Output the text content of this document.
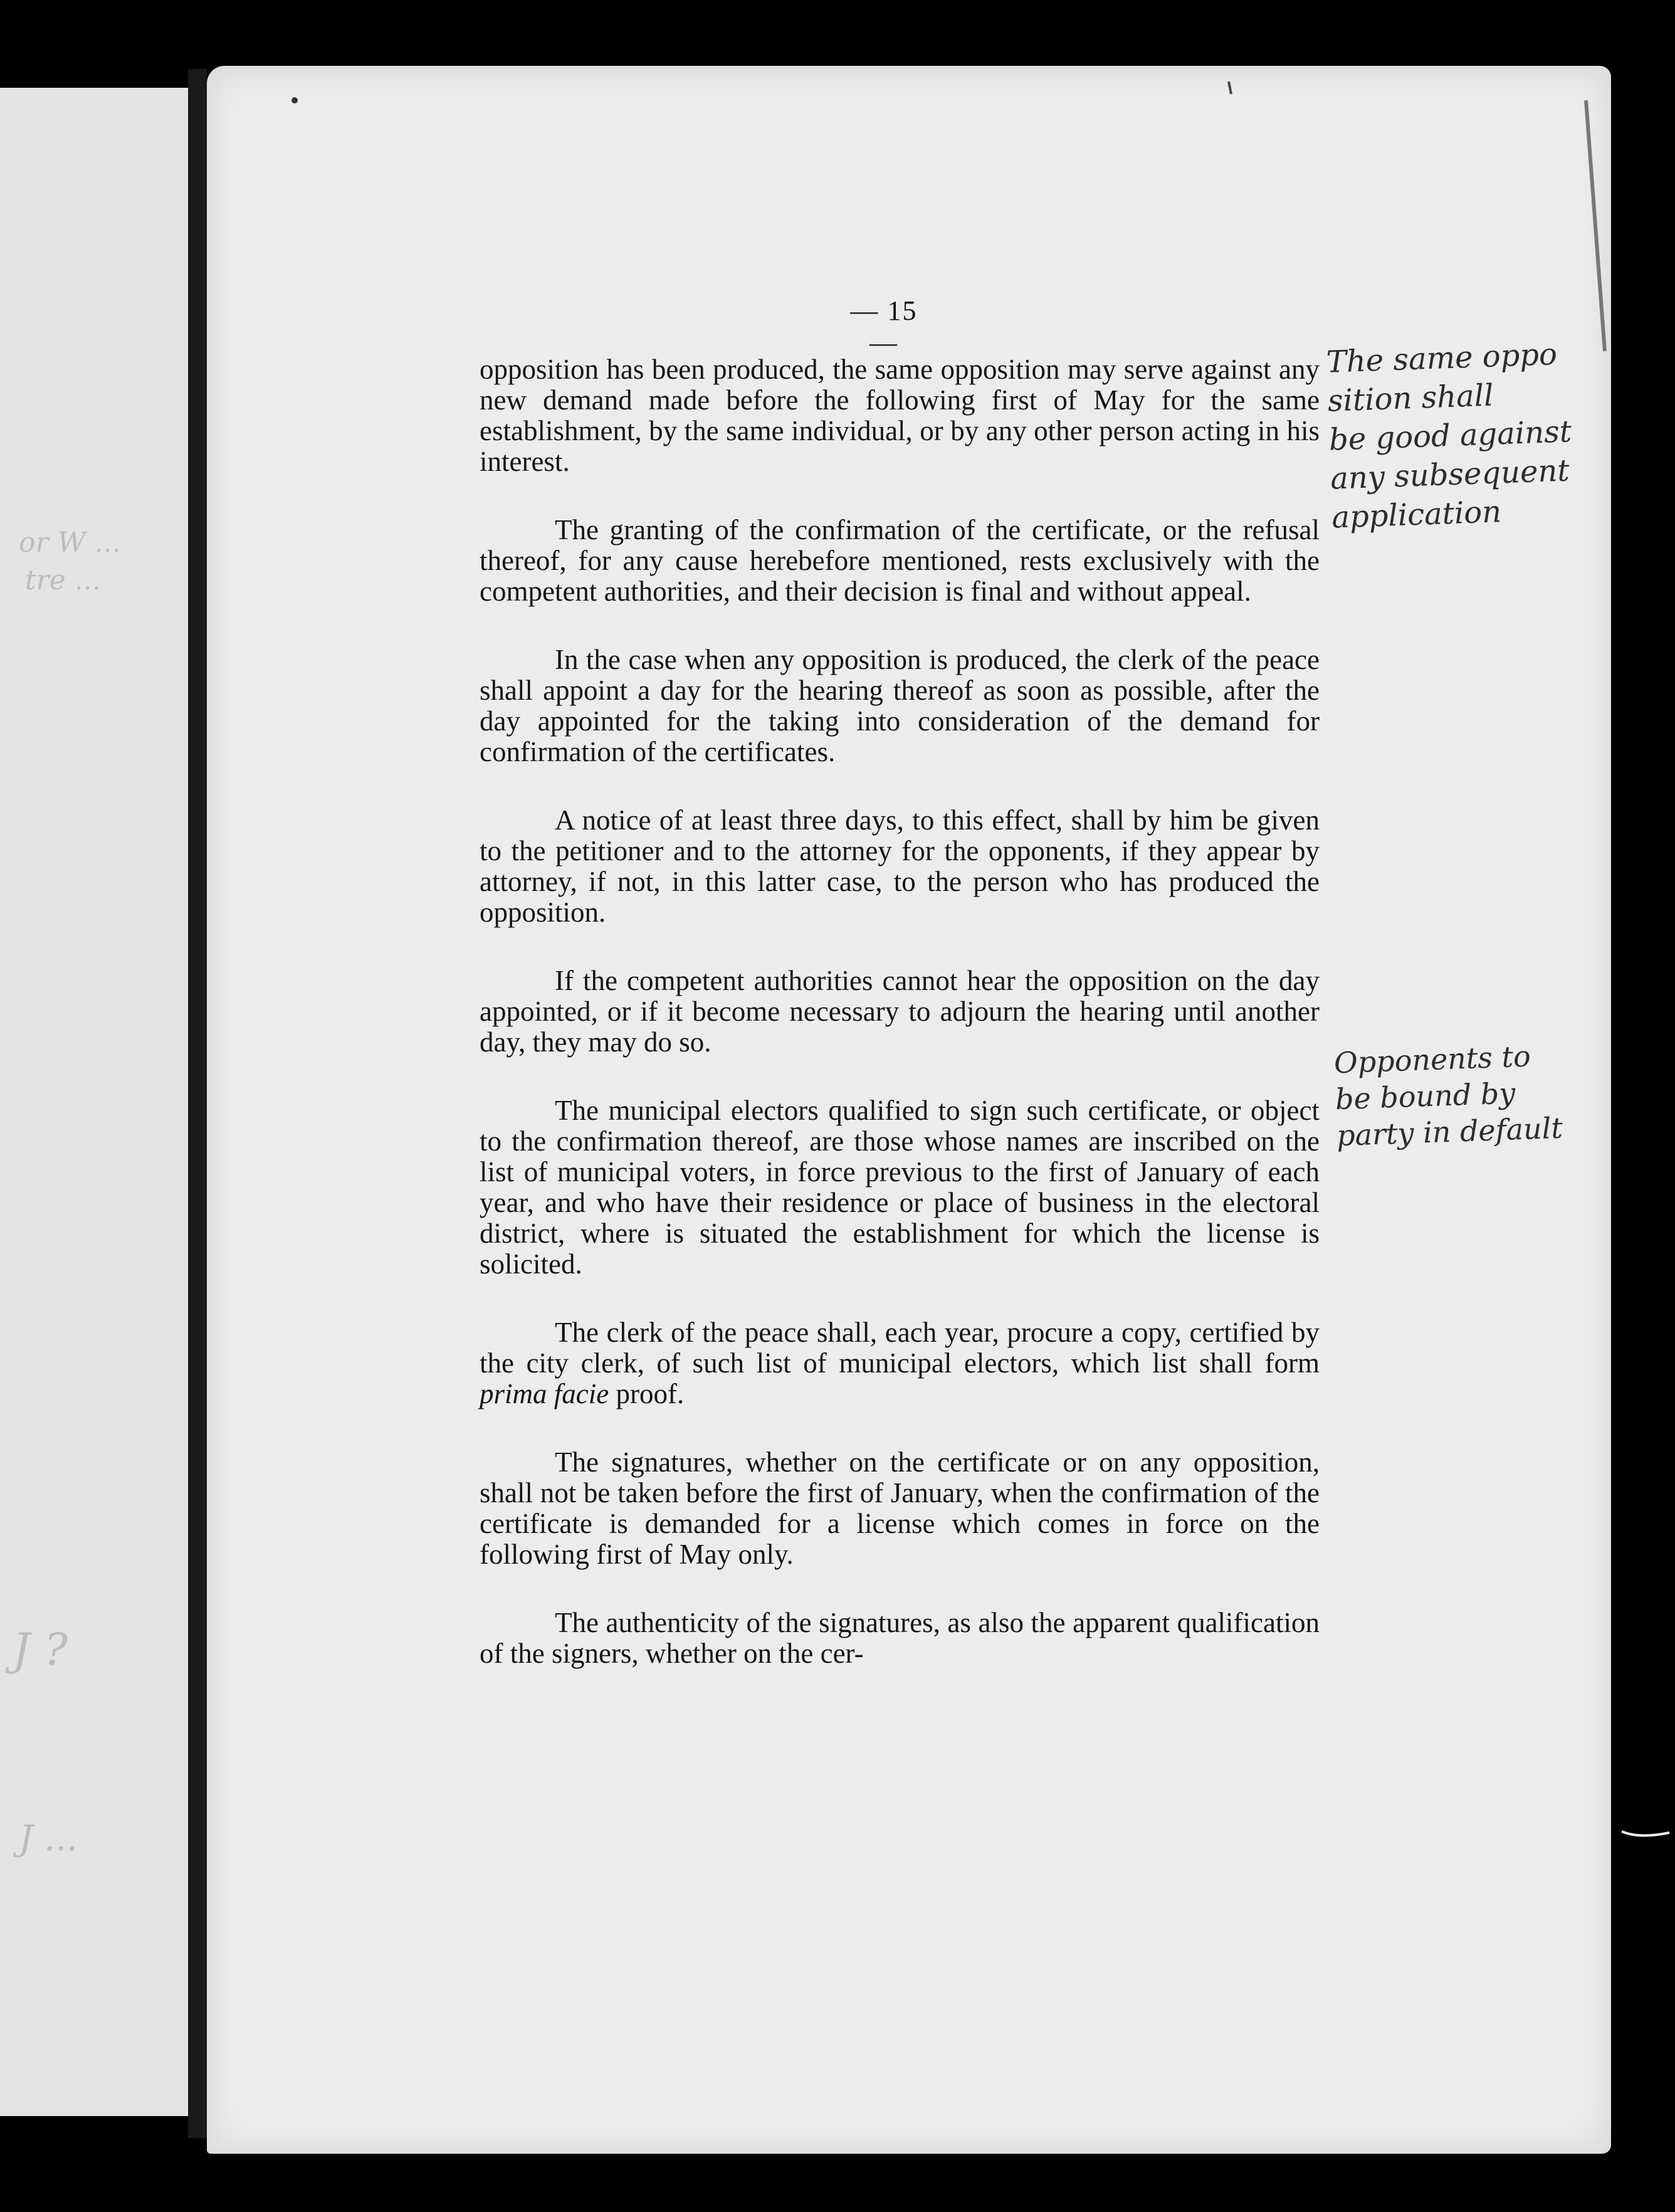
or W ...
tre ...
J ?
J ...
— 15 —

opposition has been produced, the same opposition may serve against any new demand made before the following first of May for the same establishment, by the same individual, or by any other person acting in his interest.

The granting of the confirmation of the certificate, or the refusal thereof, for any cause herebefore mentioned, rests exclusively with the competent authorities, and their decision is final and without appeal.

In the case when any opposition is produced, the clerk of the peace shall appoint a day for the hearing thereof as soon as possible, after the day appointed for the taking into consideration of the demand for confirmation of the certificates.

A notice of at least three days, to this effect, shall by him be given to the petitioner and to the attorney for the opponents, if they appear by attorney, if not, in this latter case, to the person who has produced the opposition.

If the competent authorities cannot hear the opposition on the day appointed, or if it become necessary to adjourn the hearing until another day, they may do so.

The municipal electors qualified to sign such certificate, or object to the confirmation thereof, are those whose names are inscribed on the list of municipal voters, in force previous to the first of January of each year, and who have their residence or place of business in the electoral district, where is situated the establishment for which the license is solicited.

The clerk of the peace shall, each year, procure a copy, certified by the city clerk, of such list of municipal electors, which list shall form prima facie proof.

The signatures, whether on the certificate or on any opposition, shall not be taken before the first of January, when the confirmation of the certificate is demanded for a license which comes in force on the following first of May only.

The authenticity of the signatures, as also the apparent qualification of the signers, whether on the cer-

The same oppo
sition shall
be good against
any subsequent
application
Opponents to
be bound by
party in default
